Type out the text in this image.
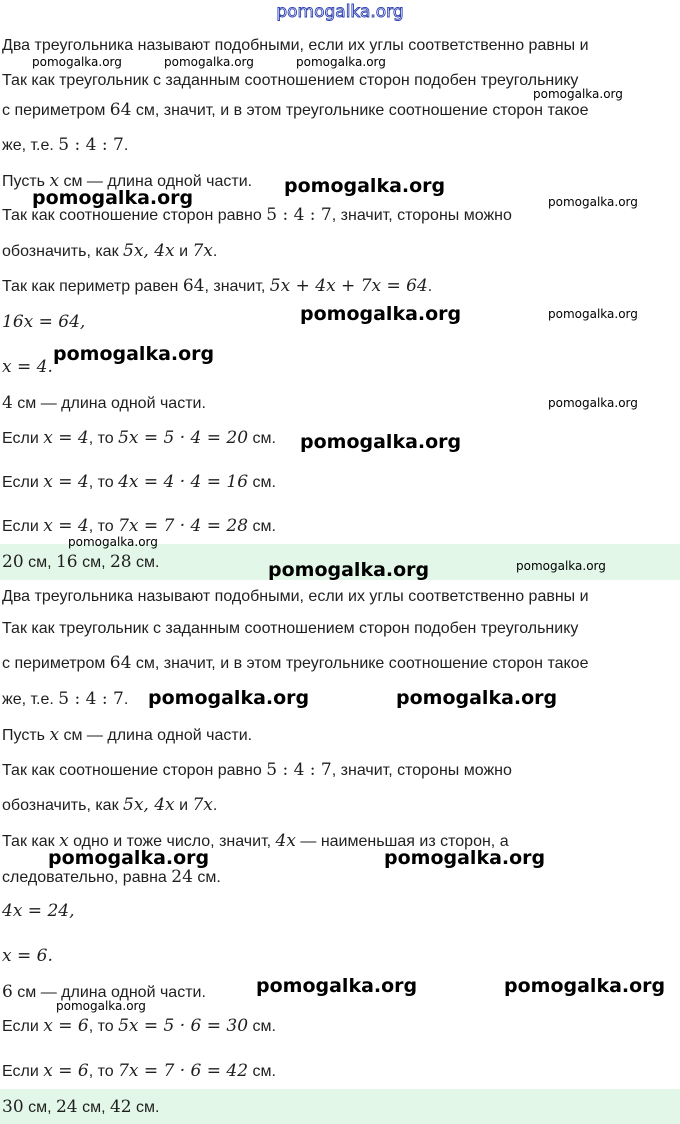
pomogalka.org
Два треугольника называют подобными, если их углы соответственно равны и
Так как треугольник с заданным соотношением сторон подобен треугольнику
с периметром 64 см, значит, и в этом треугольнике соотношение сторон такое
же, т.е. 5 : 4 : 7.
Пусть x см — длина одной части.
Так как соотношение сторон равно 5 : 4 : 7, значит, стороны можно
обозначить, как 5x, 4x и 7x.
Так как периметр равен 64, значит, 5x + 4x + 7x = 64.
16x = 64,
x = 4.
4 см — длина одной части.
Если x = 4, то 5x = 5 · 4 = 20 см.
Если x = 4, то 4x = 4 · 4 = 16 см.
Если x = 4, то 7x = 7 · 4 = 28 см.
20 см, 16 см, 28 см.
Два треугольника называют подобными, если их углы соответственно равны и
Так как треугольник с заданным соотношением сторон подобен треугольнику
с периметром 64 см, значит, и в этом треугольнике соотношение сторон такое
же, т.е. 5 : 4 : 7.
Пусть x см — длина одной части.
Так как соотношение сторон равно 5 : 4 : 7, значит, стороны можно
обозначить, как 5x, 4x и 7x.
Так как x одно и тоже число, значит, 4x — наименьшая из сторон, а
следовательно, равна 24 см.
4x = 24,
x = 6.
6 см — длина одной части.
Если x = 6, то 5x = 5 · 6 = 30 см.
Если x = 6, то 7x = 7 · 6 = 42 см.
30 см, 24 см, 42 см.
pomogalka.org	pomogalka.org	pomogalka.org
pomogalka.org
pomogalka.org
pomogalka.org	pomogalka.org
pomogalka.org	pomogalka.org
pomogalka.org
pomogalka.org
pomogalka.org
pomogalka.org
pomogalka.org
pomogalka.org
pomogalka.org	pomogalka.org
pomogalka.org	pomogalka.org
pomogalka.org	pomogalka.org
pomogalka.org
